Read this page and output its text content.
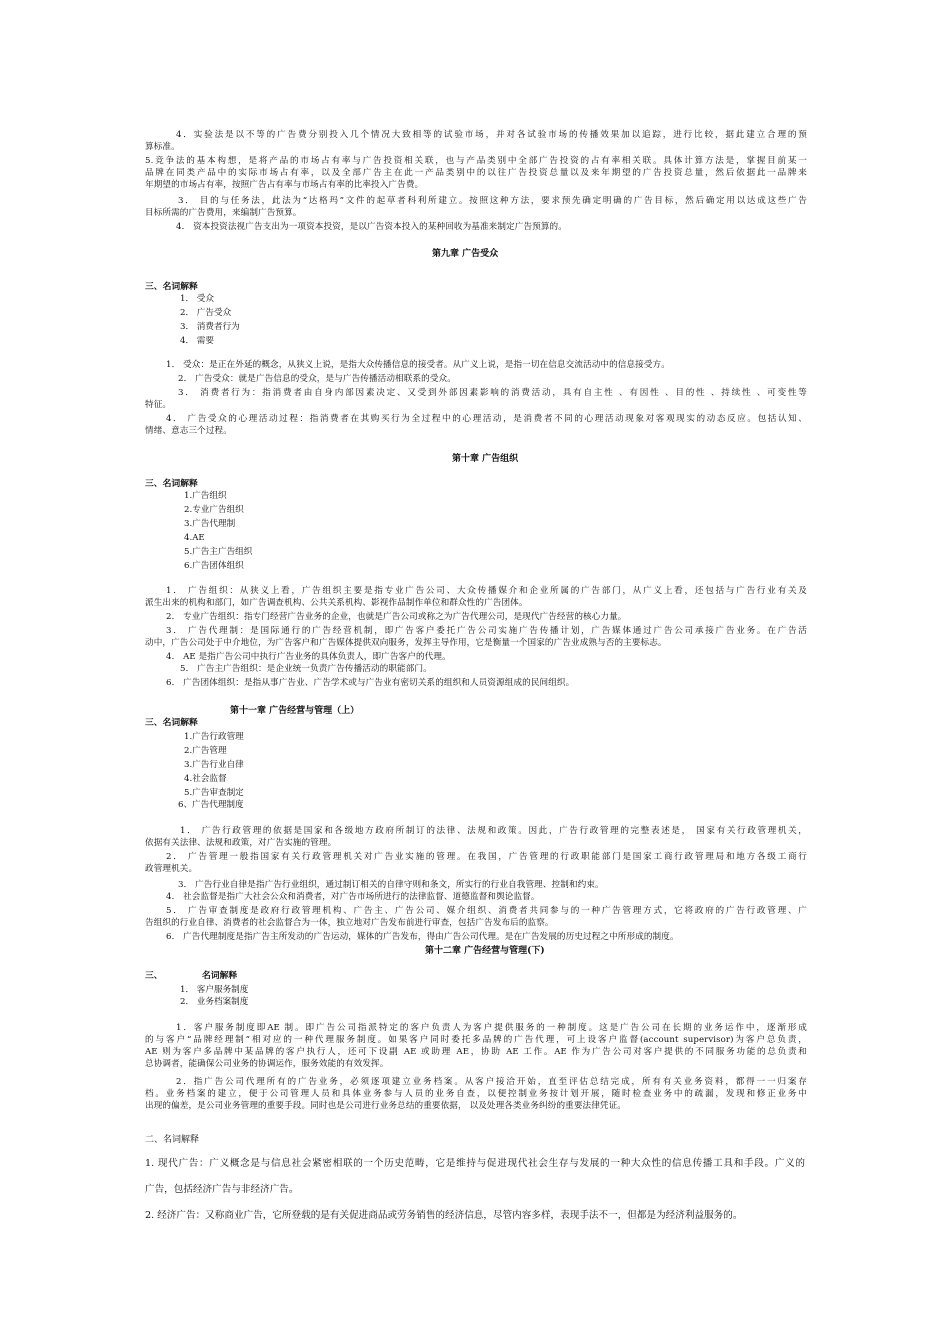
4．实验法是以不等的广告费分别投入几个情况大致相等的试验市场，并对各试验市场的传播效果加以追踪，进行比较，据此建立合理的预
算标准。
5.竞争法的基本构想，是将产品的市场占有率与广告投资相关联，也与产品类别中全部广告投资的占有率相关联。具体计算方法是，掌握目前某一
品牌在同类产品中的实际市场占有率，以及全部广告主在此一产品类别中的以往广告投资总量以及来年期望的广告投资总量，然后依据此一品牌来
年期望的市场占有率，按照广告占有率与市场占有率的比率投入广告费。
3． 目的与任务法，此法为“达格玛”文件的起草者科利所建立。按照这种方法，要求预先确定明确的广告目标，然后确定用以达成这些广告
目标所需的广告费用，来编制广告预算。
4． 资本投资法视广告支出为一项资本投资，是以广告资本投入的某种回收为基准来制定广告预算的。
第九章 广告受众
三、名词解释
1． 受众
2． 广告受众
3． 消费者行为
4． 需要
1． 受众：是正在外延的概念，从狭义上说，是指大众传播信息的接受者。从广义上说，是指一切在信息交流活动中的信息接受方。
2． 广告受众：就是广告信息的受众，是与广告传播活动相联系的受众。
3． 消费者行为：指消费者由自身内部因素决定、又受到外部因素影响的消费活动，具有自主性 、有因性 、目的性 、持续性 、可变性等
特征。
4． 广告受众的心理活动过程：指消费者在其购买行为全过程中的心理活动，是消费者不同的心理活动现象对客观现实的动态反应。包括认知、
情绪、意志三个过程。
第十章 广告组织
三、名词解释
1.广告组织
2.专业广告组织
3.广告代理制
4.AE
5.广告主广告组织
6.广告团体组织
1． 广告组织：从狭义上看，广告组织主要是指专业广告公司、大众传播媒介和企业所属的广告部门，从广义上看，还包括与广告行业有关及
派生出来的机构和部门，如广告调查机构、公共关系机构、影视作品制作单位和群众性的广告团体。
2． 专业广告组织：指专门经营广告业务的企业，也就是广告公司或称之为广告代理公司，是现代广告经营的核心力量。
3． 广告代理制：是国际通行的广告经营机制，即广告客户委托广告公司实施广告传播计划，广告媒体通过广告公司承接广告业务。在广告活
动中，广告公司处于中介地位，为广告客户和广告媒体提供双向服务，发挥主导作用，它是衡量一个国家的广告业成熟与否的主要标志。
4． AE 是指广告公司中执行广告业务的具体负责人，即广告客户的代理。
5． 广告主广告组织：是企业统一负责广告传播活动的职能部门。
6． 广告团体组织：是指从事广告业、广告学术或与广告业有密切关系的组织和人员资源组成的民间组织。
第十一章 广告经营与管理（上）
三、名词解释
1.广告行政管理
2.广告管理
3.广告行业自律
4.社会监督
5.广告审查制定
6、广告代理制度
1． 广告行政管理的依据是国家和各级地方政府所制订的法律、法规和政策。因此，广告行政管理的完整表述是， 国家有关行政管理机关，
依据有关法律、法规和政策，对广告实施的管理。
2． 广告管理一般指国家有关行政管理机关对广告业实施的管理。在我国，广告管理的行政职能部门是国家工商行政管理局和地方各级工商行
政管理机关。
3． 广告行业自律是指广告行业组织，通过制订相关的自律守则和条文，所实行的行业自我管理、控制和约束。
4． 社会监督是指广大社会公众和消费者，对广告市场所进行的法律监督、道德监督和舆论监督。
5． 广告审查制度是政府行政管理机构、广告主、广告公司、媒介组织、消费者共同参与的一种广告管理方式，它将政府的广告行政管理、广
告组织的行业自律、消费者的社会监督合为一体，独立地对广告发布前进行审查，包括广告发布后的监察。
6． 广告代理制度是指广告主所发动的广告运动，媒体的广告发布，得由广告公司代理。是在广告发展的历史过程之中所形成的制度。
第十二章 广告经营与管理(下)
三、	名词解释
1． 客户服务制度
2． 业务档案制度
1．客户服务制度即AE 制。即广告公司指派特定的客户负责人为客户提供服务的一种制度。这是广告公司在长期的业务运作中，逐渐形成
的与客户“品牌经理制”相对应的一种代理服务制度。如果客户同时委托多品牌的广告代理，可上设客户监督(account supervisor)为客户总负责，
AE 则为客户多品牌中某品牌的客户执行人，还可下设副 AE 或助理 AE，协助 AE 工作。AE 作为广告公司对客户提供的不同服务功能的总负责和
总协调者，能确保公司业务的协调运作，服务效能的有效发挥。
2．指广告公司代理所有的广告业务，必须逐项建立业务档案。从客户接洽开始，直至评估总结完成，所有有关业务资料，都得一一归案存
档。业务档案的建立，便于公司管理人员和具体业务参与人员的业务自查，以便控制业务按计划开展，随时检查业务中的疏漏，发现和修正业务中
出现的偏差，是公司业务管理的重要手段。同时也是公司进行业务总结的重要依据， 以及处理各类业务纠纷的重要法律凭证。
二、名词解释
1. 现代广告：广义概念是与信息社会紧密相联的一个历史范畴，它是维持与促进现代社会生存与发展的一种大众性的信息传播工具和手段。广义的
广告，包括经济广告与非经济广告。
2. 经济广告：又称商业广告，它所登载的是有关促进商品或劳务销售的经济信息，尽管内容多样，表现手法不一，但都是为经济利益服务的。
